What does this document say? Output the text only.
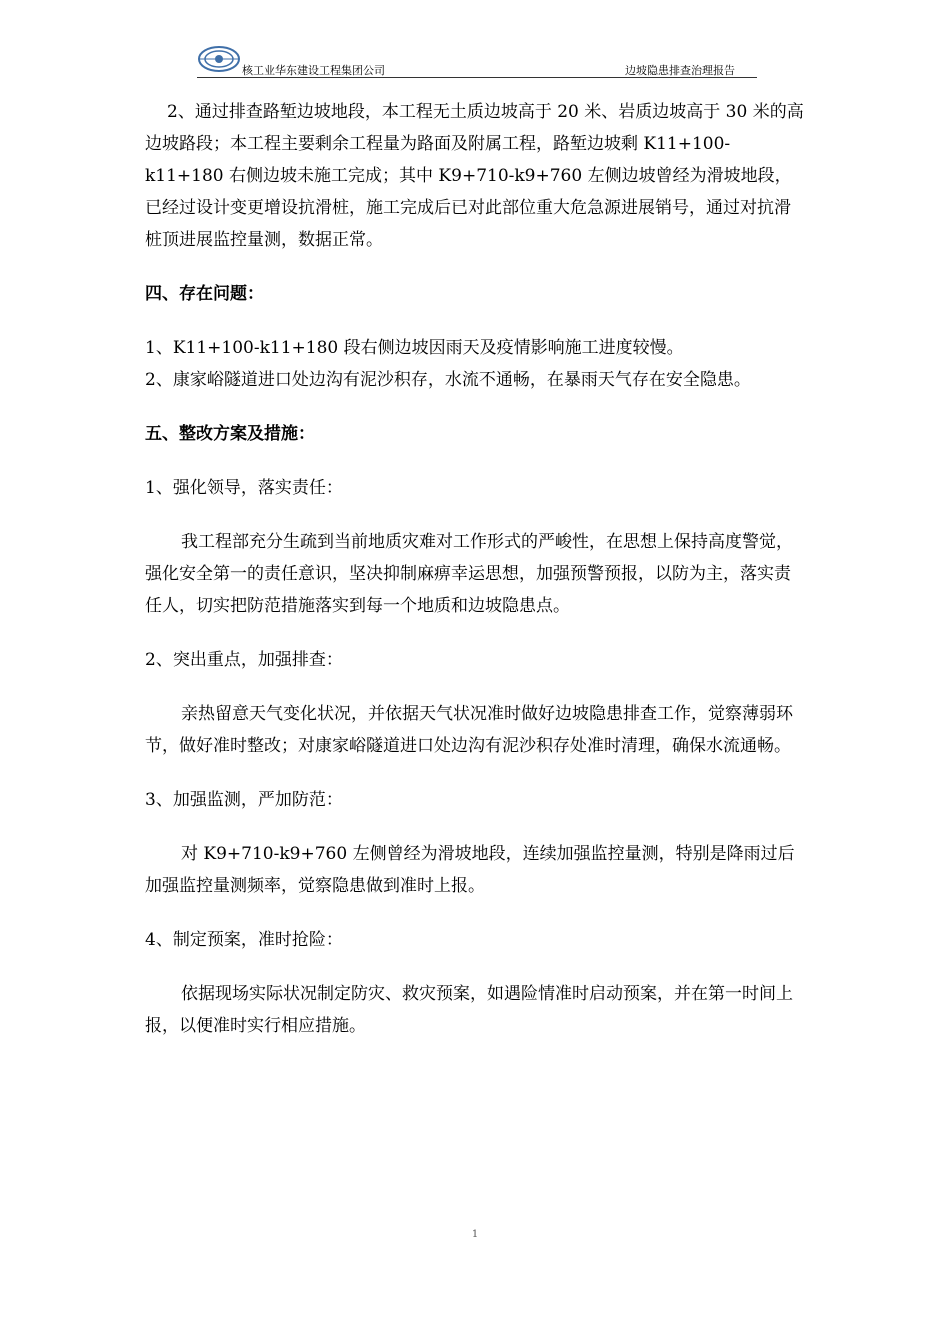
核工业华东建设工程集团公司	边坡隐患排查治理报告

2、通过排查路堑边坡地段，本工程无土质边坡高于 20 米、岩质边坡高于 30 米的高边坡路段；本工程主要剩余工程量为路面及附属工程，路堑边坡剩 K11+100-k11+180 右侧边坡未施工完成；其中 K9+710-k9+760 左侧边坡曾经为滑坡地段，已经过设计变更增设抗滑桩，施工完成后已对此部位重大危急源进展销号，通过对抗滑桩顶进展监控量测，数据正常。

四、存在问题：

1、K11+100-k11+180 段右侧边坡因雨天及疫情影响施工进度较慢。

2、康家峪隧道进口处边沟有泥沙积存，水流不通畅，在暴雨天气存在安全隐患。

五、整改方案及措施：

1、强化领导，落实责任：

我工程部充分生疏到当前地质灾难对工作形式的严峻性，在思想上保持高度警觉，强化安全第一的责任意识，坚决抑制麻痹幸运思想，加强预警预报，以防为主，落实责任人，切实把防范措施落实到每一个地质和边坡隐患点。

2、突出重点，加强排查：

亲热留意天气变化状况，并依据天气状况准时做好边坡隐患排查工作，觉察薄弱环节，做好准时整改；对康家峪隧道进口处边沟有泥沙积存处准时清理，确保水流通畅。

3、加强监测，严加防范：

对 K9+710-k9+760 左侧曾经为滑坡地段，连续加强监控量测，特别是降雨过后加强监控量测频率，觉察隐患做到准时上报。

4、制定预案，准时抢险：

依据现场实际状况制定防灾、救灾预案，如遇险情准时启动预案，并在第一时间上报，以便准时实行相应措施。

1
